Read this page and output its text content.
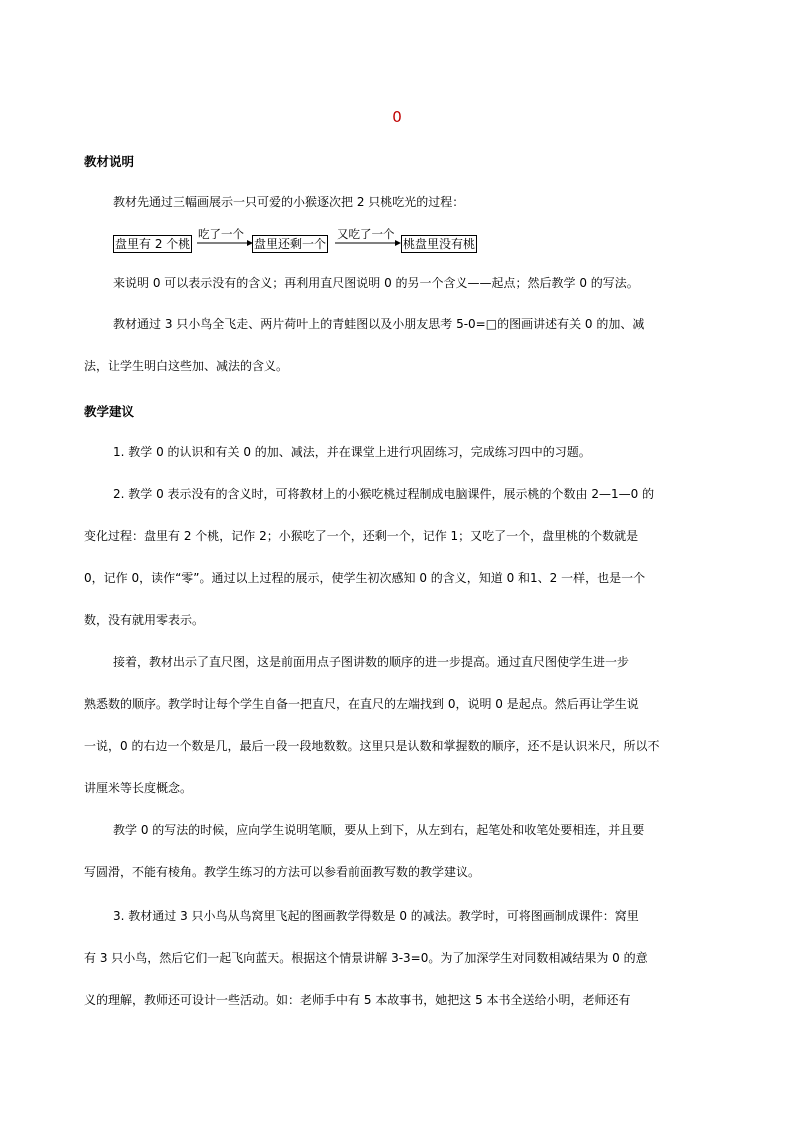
0
教材说明
教材先通过三幅画展示一只可爱的小猴逐次把 2 只桃吃光的过程：
盘里有 2 个桃
吃了一个
盘里还剩一个
又吃了一个
桃盘里没有桃
来说明 0 可以表示没有的含义；再利用直尺图说明 0 的另一个含义——起点；然后教学 0 的写法。
教材通过 3 只小鸟全飞走、两片荷叶上的青蛙图以及小朋友思考 5-0=□的图画讲述有关 0 的加、减
法，让学生明白这些加、减法的含义。
教学建议
1. 教学 0 的认识和有关 0 的加、减法，并在课堂上进行巩固练习，完成练习四中的习题。
2. 教学 0 表示没有的含义时，可将教材上的小猴吃桃过程制成电脑课件，展示桃的个数由 2—1—0 的
变化过程：盘里有 2 个桃，记作 2；小猴吃了一个，还剩一个，记作 1；又吃了一个，盘里桃的个数就是
0，记作 0，读作“零”。通过以上过程的展示，使学生初次感知 0 的含义，知道 0 和1、2 一样，也是一个
数，没有就用零表示。
接着，教材出示了直尺图，这是前面用点子图讲数的顺序的进一步提高。通过直尺图使学生进一步
熟悉数的顺序。教学时让每个学生自备一把直尺，在直尺的左端找到 0，说明 0 是起点。然后再让学生说
一说，0 的右边一个数是几，最后一段一段地数数。这里只是认数和掌握数的顺序，还不是认识米尺，所以不
讲厘米等长度概念。
教学 0 的写法的时候，应向学生说明笔顺，要从上到下，从左到右，起笔处和收笔处要相连，并且要
写圆滑，不能有棱角。教学生练习的方法可以参看前面教写数的教学建议。
3. 教材通过 3 只小鸟从鸟窝里飞起的图画教学得数是 0 的减法。教学时，可将图画制成课件：窝里
有 3 只小鸟，然后它们一起飞向蓝天。根据这个情景讲解 3-3=0。为了加深学生对同数相减结果为 0 的意
义的理解，教师还可设计一些活动。如：老师手中有 5 本故事书，她把这 5 本书全送给小明，老师还有
